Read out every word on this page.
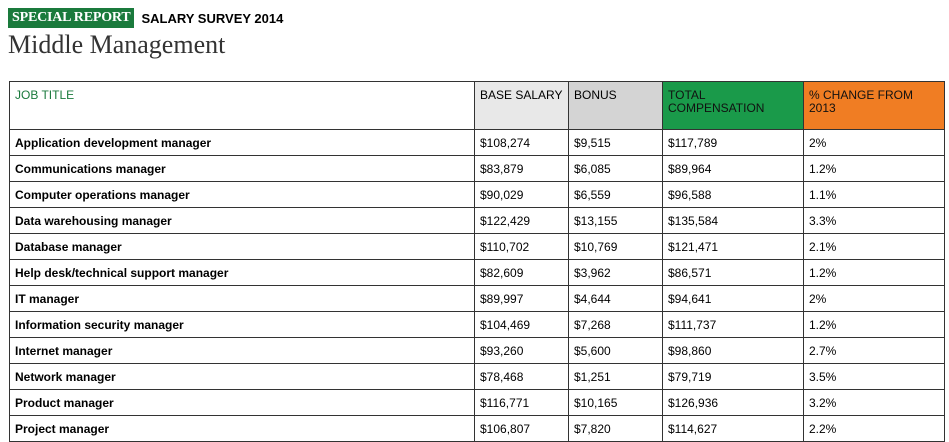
SPECIAL REPORT SALARY SURVEY 2014
Middle Management
JOB TITLE	BASE SALARY	BONUS	TOTAL COMPENSATION	% CHANGE FROM 2013
Application development manager	$108,274	$9,515	$117,789	2%
Communications manager	$83,879	$6,085	$89,964	1.2%
Computer operations manager	$90,029	$6,559	$96,588	1.1%
Data warehousing manager	$122,429	$13,155	$135,584	3.3%
Database manager	$110,702	$10,769	$121,471	2.1%
Help desk/technical support manager	$82,609	$3,962	$86,571	1.2%
IT manager	$89,997	$4,644	$94,641	2%
Information security manager	$104,469	$7,268	$111,737	1.2%
Internet manager	$93,260	$5,600	$98,860	2.7%
Network manager	$78,468	$1,251	$79,719	3.5%
Product manager	$116,771	$10,165	$126,936	3.2%
Project manager	$106,807	$7,820	$114,627	2.2%
